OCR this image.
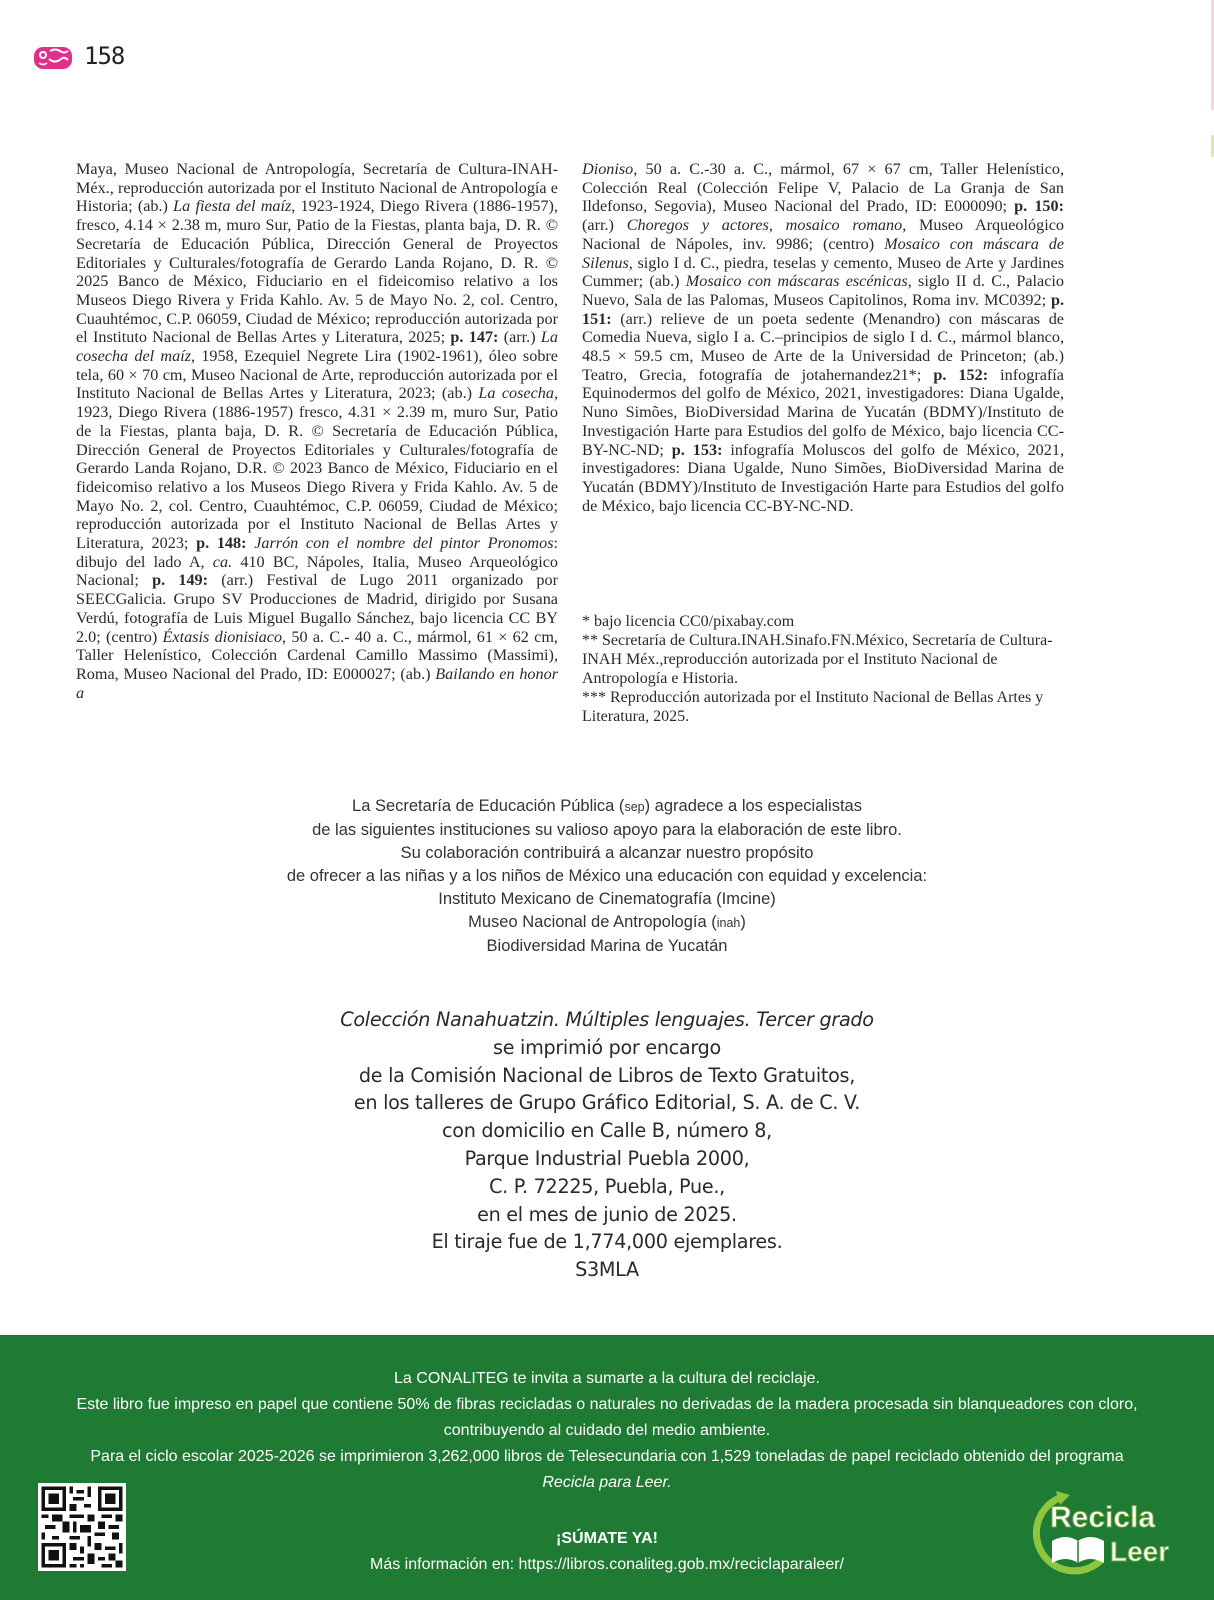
158
Maya, Museo Nacional de Antropología, Secretaría de Cultura-INAH-Méx., reproducción autorizada por el Instituto Nacional de Antropología e Historia; (ab.) La fiesta del maíz, 1923-1924, Diego Rivera (1886-1957), fresco, 4.14 × 2.38 m, muro Sur, Patio de la Fiestas, planta baja, D. R. © Secretaría de Educación Pública, Dirección General de Proyectos Editoriales y Culturales/fotografía de Gerardo Landa Rojano, D. R. © 2025 Banco de México, Fiduciario en el fideicomiso relativo a los Museos Diego Rivera y Frida Kahlo. Av. 5 de Mayo No. 2, col. Centro, Cuauhtémoc, C.P. 06059, Ciudad de México; reproducción autorizada por el Instituto Nacional de Bellas Artes y Literatura, 2025; p. 147: (arr.) La cosecha del maíz, 1958, Ezequiel Negrete Lira (1902-1961), óleo sobre tela, 60 × 70 cm, Museo Nacional de Arte, reproducción autorizada por el Instituto Nacional de Bellas Artes y Literatura, 2023; (ab.) La cosecha, 1923, Diego Rivera (1886-1957) fresco, 4.31 × 2.39 m, muro Sur, Patio de la Fiestas, planta baja, D. R. © Secretaría de Educación Pública, Dirección General de Proyectos Editoriales y Culturales/fotografía de Gerardo Landa Rojano, D.R. © 2023 Banco de México, Fiduciario en el fideicomiso relativo a los Museos Diego Rivera y Frida Kahlo. Av. 5 de Mayo No. 2, col. Centro, Cuauhtémoc, C.P. 06059, Ciudad de México; reproducción autorizada por el Instituto Nacional de Bellas Artes y Literatura, 2023; p. 148: Jarrón con el nombre del pintor Pronomos: dibujo del lado A, ca. 410 BC, Nápoles, Italia, Museo Arqueológico Nacional; p. 149: (arr.) Festival de Lugo 2011 organizado por SEECGalicia. Grupo SV Producciones de Madrid, dirigido por Susana Verdú, fotografía de Luis Miguel Bugallo Sánchez, bajo licencia CC BY 2.0; (centro) Éxtasis dionisiaco, 50 a. C.- 40 a. C., mármol, 61 × 62 cm, Taller Helenístico, Colección Cardenal Camillo Massimo (Massimi), Roma, Museo Nacional del Prado, ID: E000027; (ab.) Bailando en honor a
Dioniso, 50 a. C.-30 a. C., mármol, 67 × 67 cm, Taller Helenístico, Colección Real (Colección Felipe V, Palacio de La Granja de San Ildefonso, Segovia), Museo Nacional del Prado, ID: E000090; p. 150: (arr.) Choregos y actores, mosaico romano, Museo Arqueológico Nacional de Nápoles, inv. 9986; (centro) Mosaico con máscara de Silenus, siglo I d. C., piedra, teselas y cemento, Museo de Arte y Jardines Cummer; (ab.) Mosaico con máscaras escénicas, siglo II d. C., Palacio Nuevo, Sala de las Palomas, Museos Capitolinos, Roma inv. MC0392; p. 151: (arr.) relieve de un poeta sedente (Menandro) con máscaras de Comedia Nueva, siglo I a. C.–principios de siglo I d. C., mármol blanco, 48.5 × 59.5 cm, Museo de Arte de la Universidad de Princeton; (ab.) Teatro, Grecia, fotografía de jotahernandez21*; p. 152: infografía Equinodermos del golfo de México, 2021, investigadores: Diana Ugalde, Nuno Simões, BioDiversidad Marina de Yucatán (BDMY)/Instituto de Investigación Harte para Estudios del golfo de México, bajo licencia CC-BY-NC-ND; p. 153: infografía Moluscos del golfo de México, 2021, investigadores: Diana Ugalde, Nuno Simões, BioDiversidad Marina de Yucatán (BDMY)/Instituto de Investigación Harte para Estudios del golfo de México, bajo licencia CC-BY-NC-ND.
* bajo licencia CC0/pixabay.com
** Secretaría de Cultura.INAH.Sinafo.FN.México, Secretaría de Cultura-INAH Méx.,reproducción autorizada por el Instituto Nacional de Antropología e Historia.
*** Reproducción autorizada por el Instituto Nacional de Bellas Artes y Literatura, 2025.
La Secretaría de Educación Pública (sep) agradece a los especialistas
de las siguientes instituciones su valioso apoyo para la elaboración de este libro.
Su colaboración contribuirá a alcanzar nuestro propósito
de ofrecer a las niñas y a los niños de México una educación con equidad y excelencia:
Instituto Mexicano de Cinematografía (Imcine)
Museo Nacional de Antropología (inah)
Biodiversidad Marina de Yucatán
Colección Nanahuatzin. Múltiples lenguajes. Tercer grado
se imprimió por encargo
de la Comisión Nacional de Libros de Texto Gratuitos,
en los talleres de Grupo Gráfico Editorial, S. A. de C. V.
con domicilio en Calle B, número 8,
Parque Industrial Puebla 2000,
C. P. 72225, Puebla, Pue.,
en el mes de junio de 2025.
El tiraje fue de 1,774,000 ejemplares.
S3MLA
La CONALITEG te invita a sumarte a la cultura del reciclaje.
Este libro fue impreso en papel que contiene 50% de fibras recicladas o naturales no derivadas de la madera procesada sin blanqueadores con cloro,
contribuyendo al cuidado del medio ambiente.
Para el ciclo escolar 2025-2026 se imprimieron 3,262,000 libros de Telesecundaria con 1,529 toneladas de papel reciclado obtenido del programa
Recicla para Leer.
¡SÚMATE YA!
Más información en: https://libros.conaliteg.gob.mx/reciclaparaleer/
Recicla
Leer
